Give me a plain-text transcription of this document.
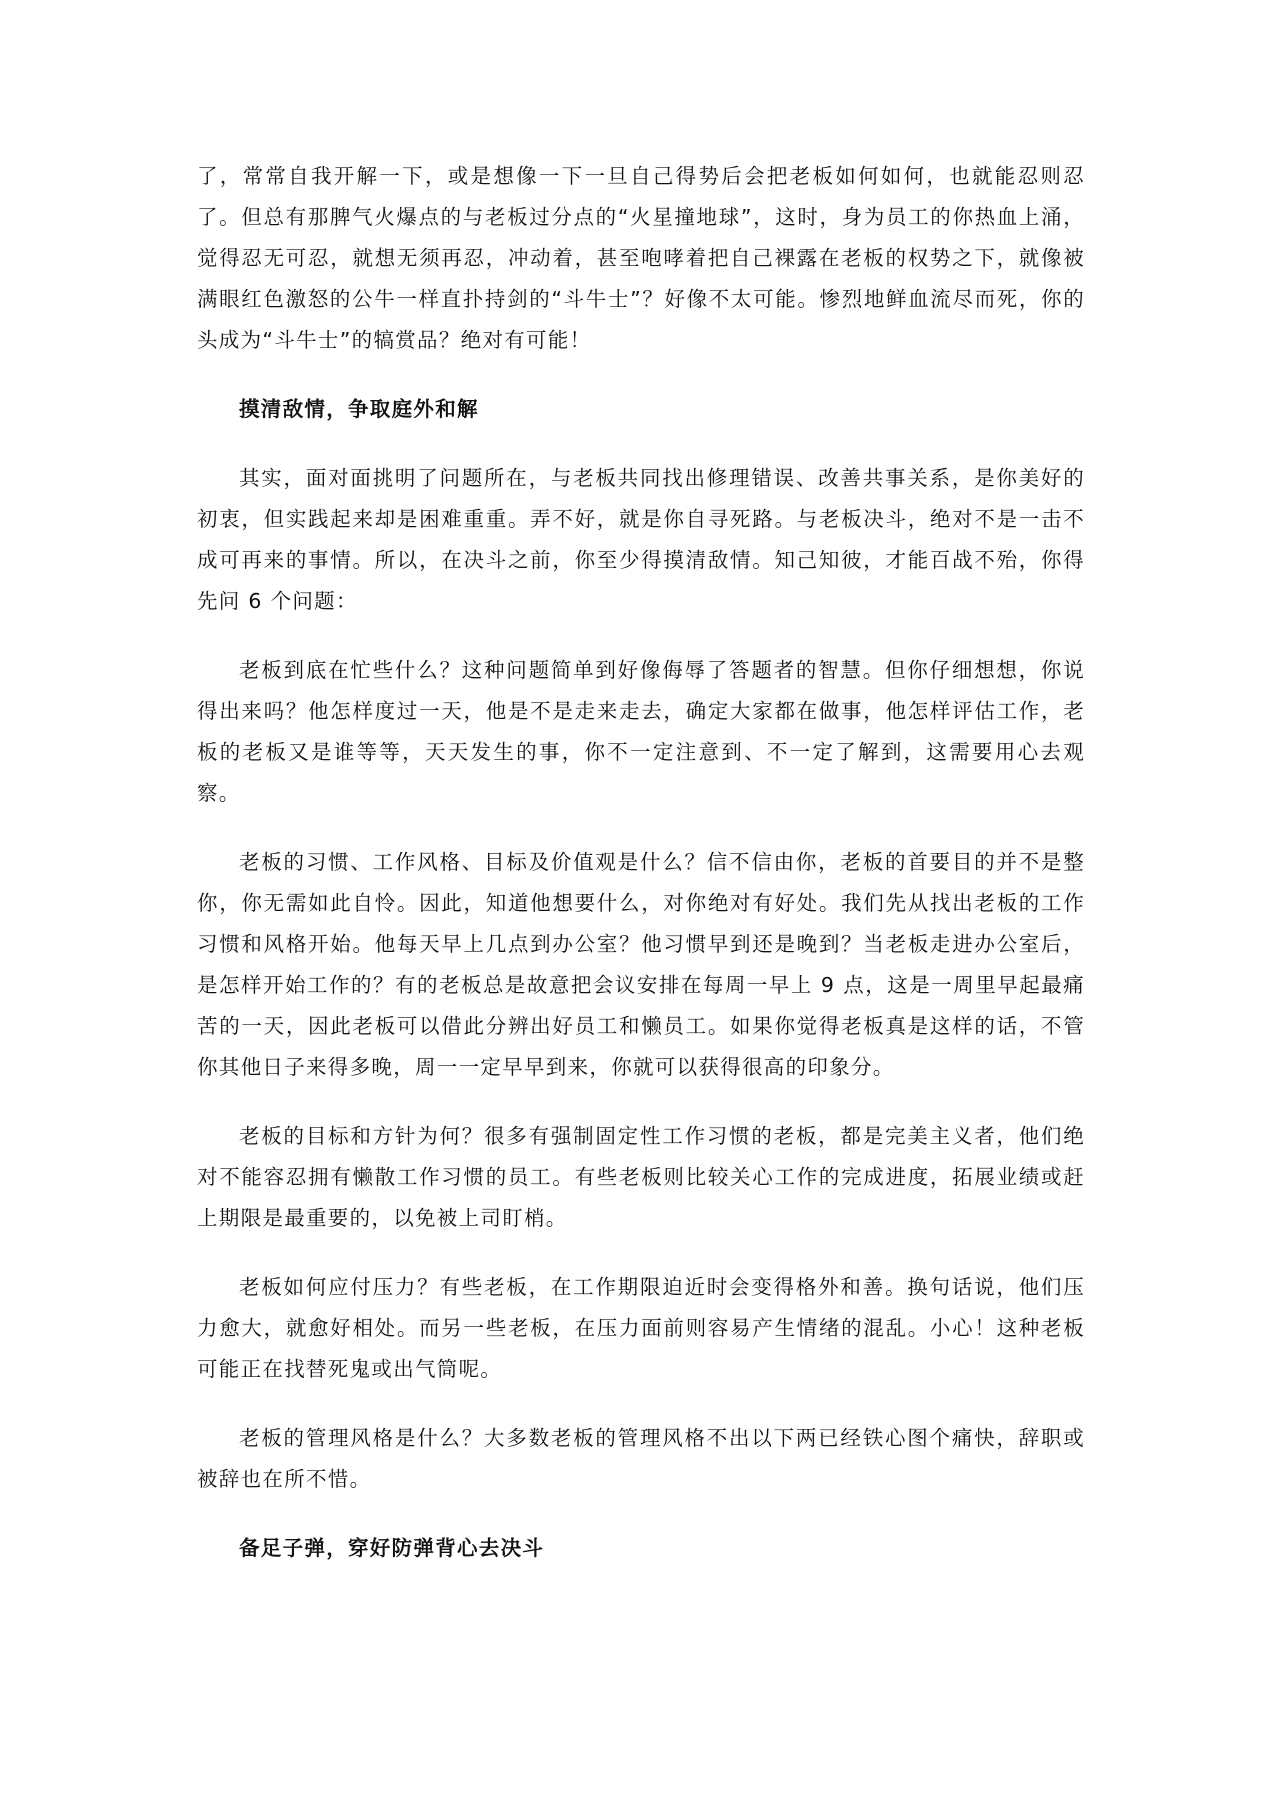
了，常常自我开解一下，或是想像一下一旦自己得势后会把老板如何如何，也就能忍则忍了。但总有那脾气火爆点的与老板过分点的“火星撞地球”，这时，身为员工的你热血上涌，觉得忍无可忍，就想无须再忍，冲动着，甚至咆哮着把自己裸露在老板的权势之下，就像被满眼红色激怒的公牛一样直扑持剑的“斗牛士”？好像不太可能。惨烈地鲜血流尽而死，你的头成为“斗牛士”的犒赏品？绝对有可能！

摸清敌情，争取庭外和解

其实，面对面挑明了问题所在，与老板共同找出修理错误、改善共事关系，是你美好的初衷，但实践起来却是困难重重。弄不好，就是你自寻死路。与老板决斗，绝对不是一击不成可再来的事情。所以，在决斗之前，你至少得摸清敌情。知己知彼，才能百战不殆，你得先问 6 个问题：

老板到底在忙些什么？这种问题简单到好像侮辱了答题者的智慧。但你仔细想想，你说得出来吗？他怎样度过一天，他是不是走来走去，确定大家都在做事，他怎样评估工作，老板的老板又是谁等等，天天发生的事，你不一定注意到、不一定了解到，这需要用心去观察。

老板的习惯、工作风格、目标及价值观是什么？信不信由你，老板的首要目的并不是整你，你无需如此自怜。因此，知道他想要什么，对你绝对有好处。我们先从找出老板的工作习惯和风格开始。他每天早上几点到办公室？他习惯早到还是晚到？当老板走进办公室后，是怎样开始工作的？有的老板总是故意把会议安排在每周一早上 9 点，这是一周里早起最痛苦的一天，因此老板可以借此分辨出好员工和懒员工。如果你觉得老板真是这样的话，不管你其他日子来得多晚，周一一定早早到来，你就可以获得很高的印象分。

老板的目标和方针为何？很多有强制固定性工作习惯的老板，都是完美主义者，他们绝对不能容忍拥有懒散工作习惯的员工。有些老板则比较关心工作的完成进度，拓展业绩或赶上期限是最重要的，以免被上司盯梢。

老板如何应付压力？有些老板，在工作期限迫近时会变得格外和善。换句话说，他们压力愈大，就愈好相处。而另一些老板，在压力面前则容易产生情绪的混乱。小心！这种老板可能正在找替死鬼或出气筒呢。

老板的管理风格是什么？大多数老板的管理风格不出以下两已经铁心图个痛快，辞职或被辞也在所不惜。

备足子弹，穿好防弹背心去决斗
